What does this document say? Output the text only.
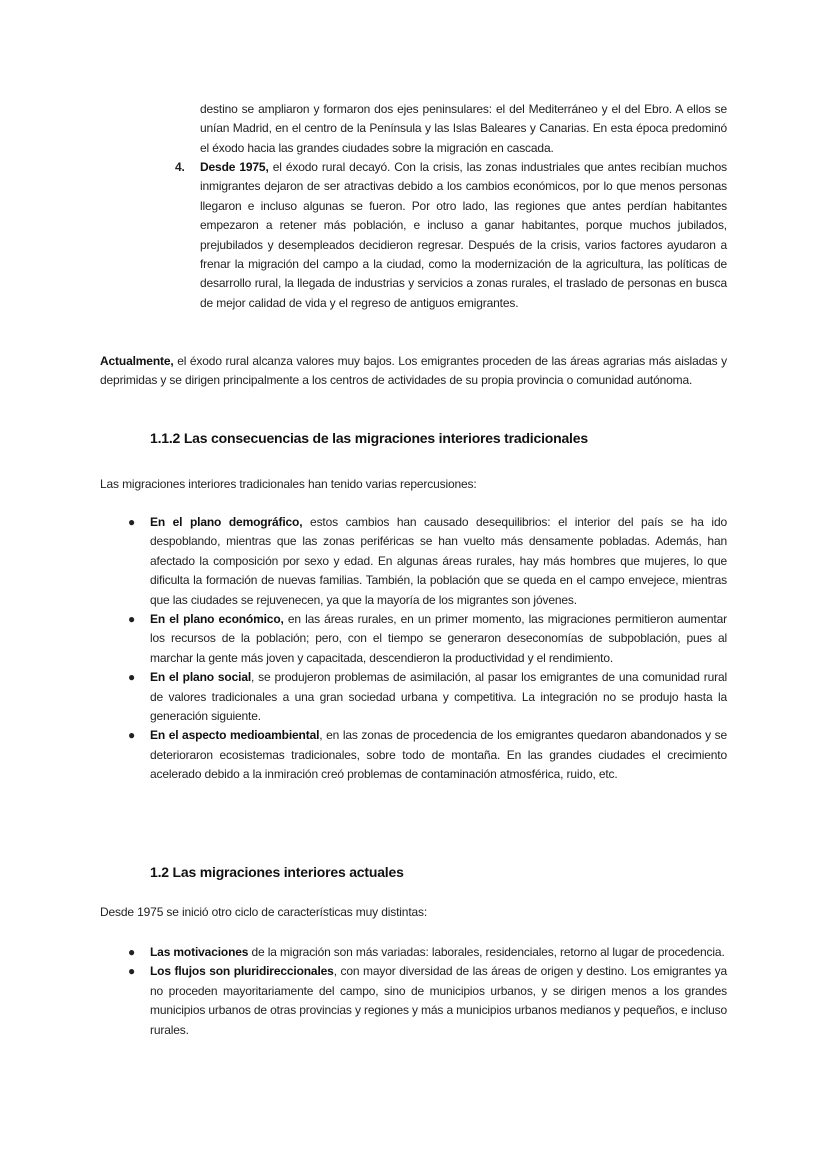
destino se ampliaron y formaron dos ejes peninsulares: el del Mediterráneo y el del Ebro. A ellos se unían Madrid, en el centro de la Península y las Islas Baleares y Canarias. En esta época predominó el éxodo hacia las grandes ciudades sobre la migración en cascada.
4. Desde 1975, el éxodo rural decayó. Con la crisis, las zonas industriales que antes recibían muchos inmigrantes dejaron de ser atractivas debido a los cambios económicos, por lo que menos personas llegaron e incluso algunas se fueron. Por otro lado, las regiones que antes perdían habitantes empezaron a retener más población, e incluso a ganar habitantes, porque muchos jubilados, prejubilados y desempleados decidieron regresar. Después de la crisis, varios factores ayudaron a frenar la migración del campo a la ciudad, como la modernización de la agricultura, las políticas de desarrollo rural, la llegada de industrias y servicios a zonas rurales, el traslado de personas en busca de mejor calidad de vida y el regreso de antiguos emigrantes.
Actualmente, el éxodo rural alcanza valores muy bajos. Los emigrantes proceden de las áreas agrarias más aisladas y deprimidas y se dirigen principalmente a los centros de actividades de su propia provincia o comunidad autónoma.
1.1.2 Las consecuencias de las migraciones interiores tradicionales
Las migraciones interiores tradicionales han tenido varias repercusiones:
● En el plano demográfico, estos cambios han causado desequilibrios: el interior del país se ha ido despoblando, mientras que las zonas periféricas se han vuelto más densamente pobladas. Además, han afectado la composición por sexo y edad. En algunas áreas rurales, hay más hombres que mujeres, lo que dificulta la formación de nuevas familias. También, la población que se queda en el campo envejece, mientras que las ciudades se rejuvenecen, ya que la mayoría de los migrantes son jóvenes.
● En el plano económico, en las áreas rurales, en un primer momento, las migraciones permitieron aumentar los recursos de la población; pero, con el tiempo se generaron deseconomías de subpoblación, pues al marchar la gente más joven y capacitada, descendieron la productividad y el rendimiento.
● En el plano social, se produjeron problemas de asimilación, al pasar los emigrantes de una comunidad rural de valores tradicionales a una gran sociedad urbana y competitiva. La integración no se produjo hasta la generación siguiente.
● En el aspecto medioambiental, en las zonas de procedencia de los emigrantes quedaron abandonados y se deterioraron ecosistemas tradicionales, sobre todo de montaña. En las grandes ciudades el crecimiento acelerado debido a la inmiración creó problemas de contaminación atmosférica, ruido, etc.
1.2 Las migraciones interiores actuales
Desde 1975 se inició otro ciclo de características muy distintas:
● Las motivaciones de la migración son más variadas: laborales, residenciales, retorno al lugar de procedencia.
● Los flujos son pluridireccionales, con mayor diversidad de las áreas de origen y destino. Los emigrantes ya no proceden mayoritariamente del campo, sino de municipios urbanos, y se dirigen menos a los grandes municipios urbanos de otras provincias y regiones y más a municipios urbanos medianos y pequeños, e incluso rurales.
